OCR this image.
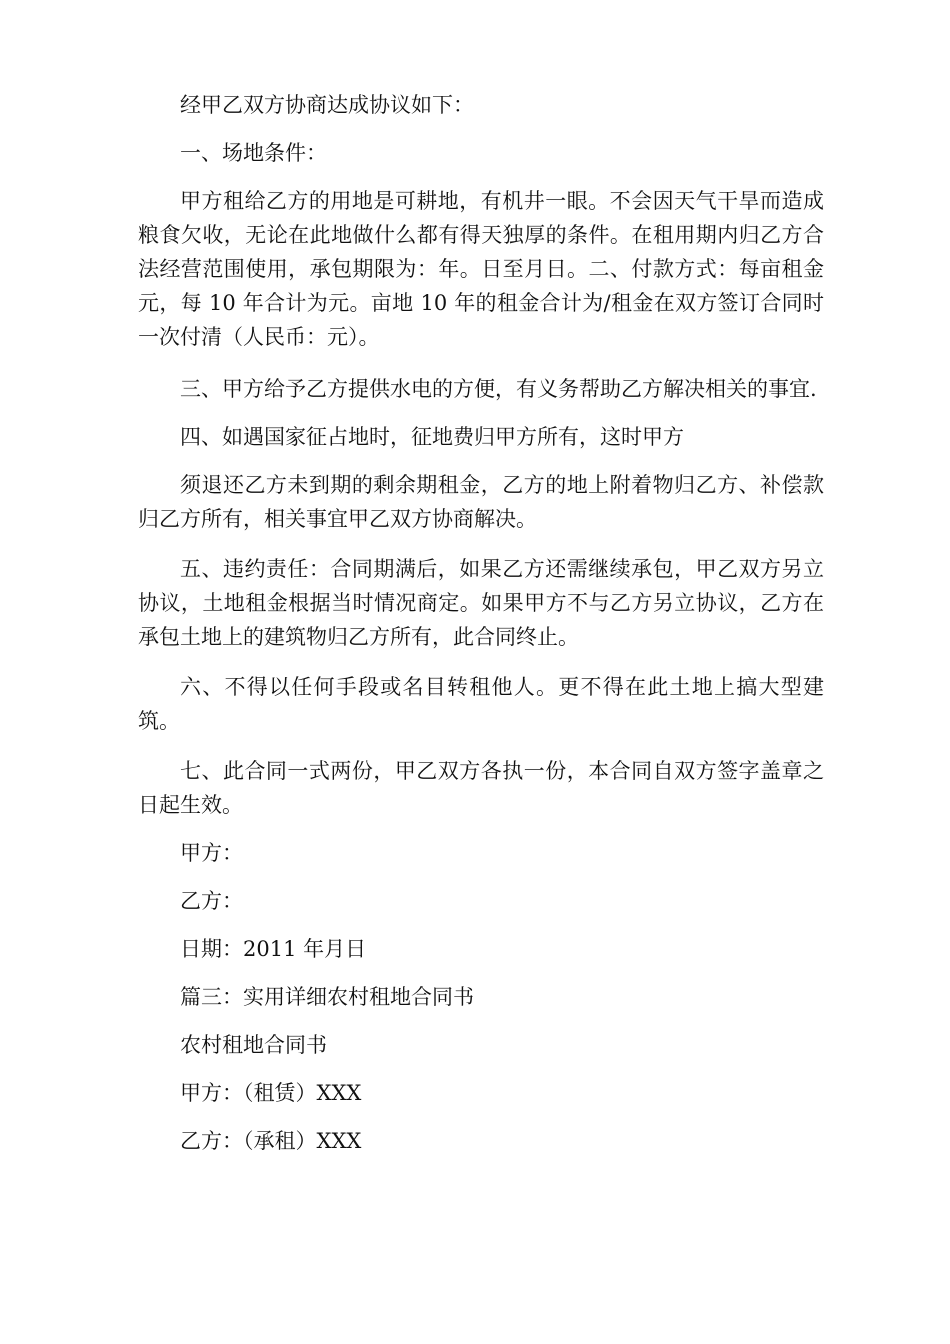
经甲乙双方协商达成协议如下：

一、场地条件：

甲方租给乙方的用地是可耕地，有机井一眼。不会因天气干旱而造成粮食欠收，无论在此地做什么都有得天独厚的条件。在租用期内归乙方合法经营范围使用，承包期限为：年。日至月日。二、付款方式：每亩租金元，每 10 年合计为元。亩地 10 年的租金合计为/租金在双方签订合同时一次付清（人民币：元）。

三、甲方给予乙方提供水电的方便，有义务帮助乙方解决相关的事宜.

四、如遇国家征占地时，征地费归甲方所有，这时甲方

须退还乙方未到期的剩余期租金，乙方的地上附着物归乙方、补偿款归乙方所有，相关事宜甲乙双方协商解决。

五、违约责任：合同期满后，如果乙方还需继续承包，甲乙双方另立协议，土地租金根据当时情况商定。如果甲方不与乙方另立协议，乙方在承包土地上的建筑物归乙方所有，此合同终止。

六、不得以任何手段或名目转租他人。更不得在此土地上搞大型建筑。

七、此合同一式两份，甲乙双方各执一份，本合同自双方签字盖章之日起生效。

甲方：

乙方：

日期：2011 年月日

篇三：实用详细农村租地合同书

农村租地合同书

甲方：（租赁）XXX

乙方：（承租）XXX
